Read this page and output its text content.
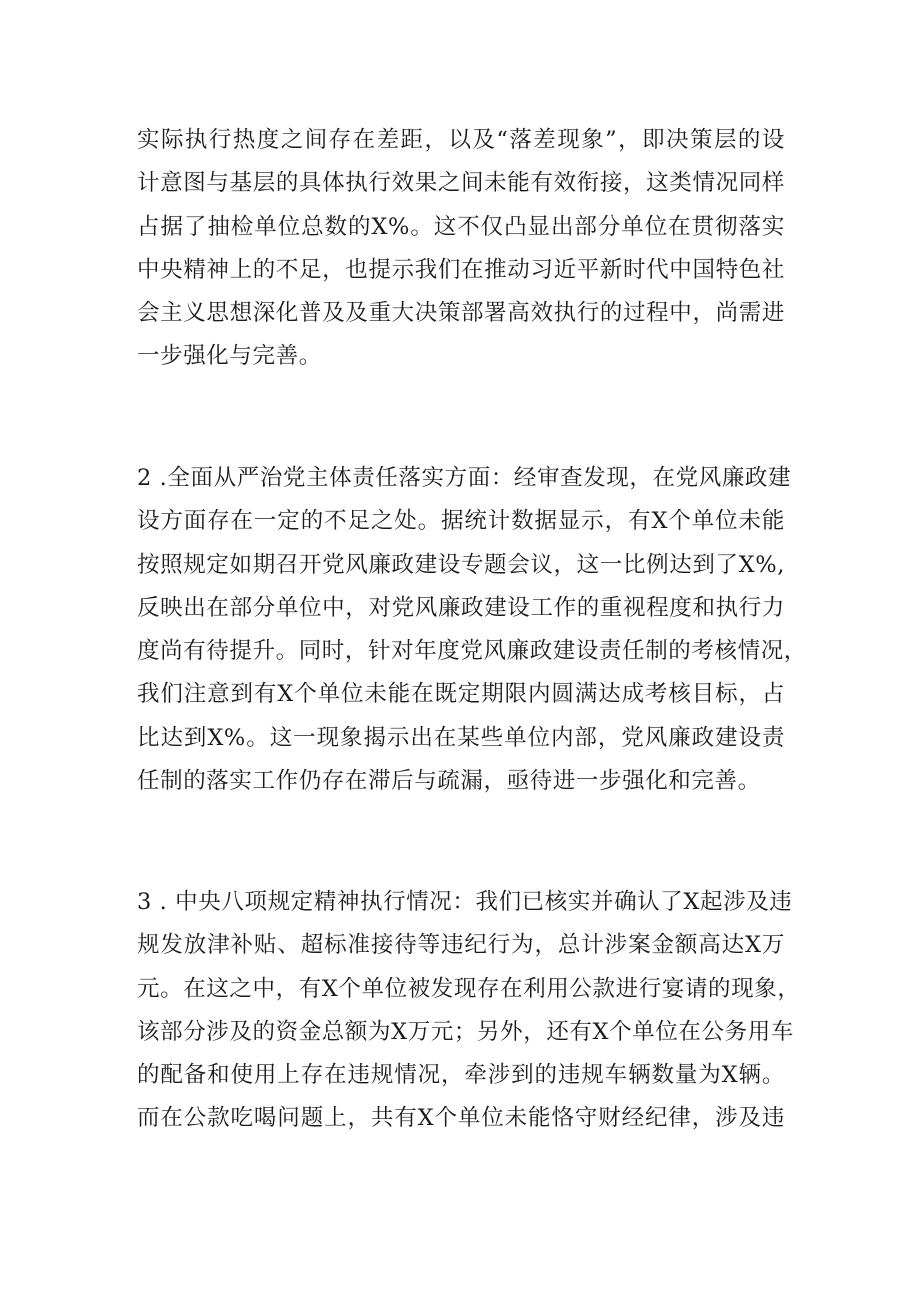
实际执行热度之间存在差距，以及“落差现象”，即决策层的设
计意图与基层的具体执行效果之间未能有效衔接，这类情况同样
占据了抽检单位总数的X%。这不仅凸显出部分单位在贯彻落实
中央精神上的不足，也提示我们在推动习近平新时代中国特色社
会主义思想深化普及及重大决策部署高效执行的过程中，尚需进
一步强化与完善。
2 .全面从严治党主体责任落实方面：经审查发现，在党风廉政建
设方面存在一定的不足之处。据统计数据显示，有X个单位未能
按照规定如期召开党风廉政建设专题会议，这一比例达到了X%,
反映出在部分单位中，对党风廉政建设工作的重视程度和执行力
度尚有待提升。同时，针对年度党风廉政建设责任制的考核情况，
我们注意到有X个单位未能在既定期限内圆满达成考核目标，占
比达到X%。这一现象揭示出在某些单位内部，党风廉政建设责
任制的落实工作仍存在滞后与疏漏，亟待进一步强化和完善。
3 . 中央八项规定精神执行情况：我们已核实并确认了X起涉及违
规发放津补贴、超标准接待等违纪行为，总计涉案金额高达X万
元。在这之中，有X个单位被发现存在利用公款进行宴请的现象，
该部分涉及的资金总额为X万元；另外，还有X个单位在公务用车
的配备和使用上存在违规情况，牵涉到的违规车辆数量为X辆。
而在公款吃喝问题上，共有X个单位未能恪守财经纪律，涉及违
